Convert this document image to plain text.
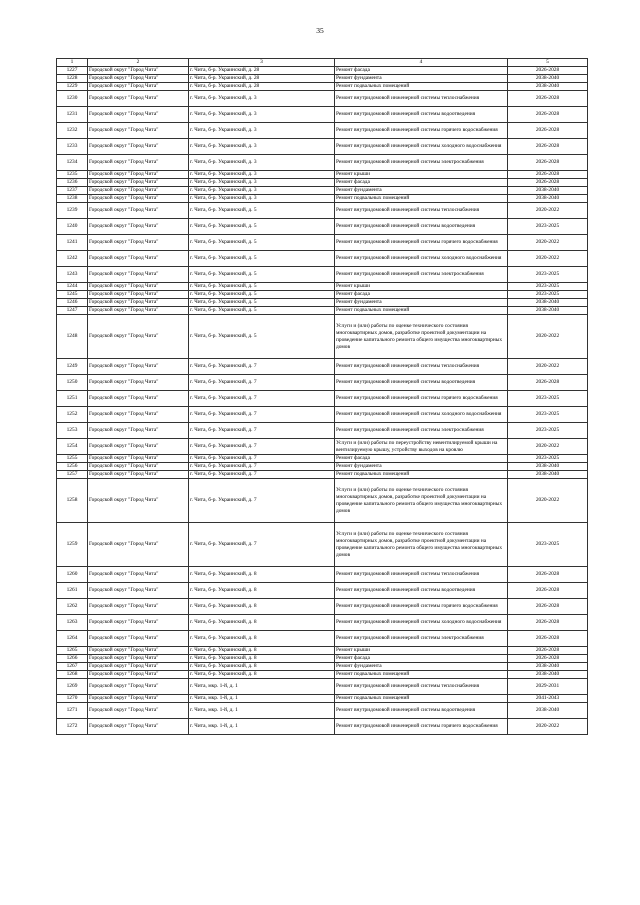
35
1	2	3	4	5
1227	Городской округ "Город Чита"	г. Чита, б-р. Украинский, д. 28	Ремонт фасада	2026-2028
1228	Городской округ "Город Чита"	г. Чита, б-р. Украинский, д. 28	Ремонт фундамента	2038-2040
1229	Городской округ "Город Чита"	г. Чита, б-р. Украинский, д. 28	Ремонт подвальных помещений	2038-2040
1230	Городской округ "Город Чита"	г. Чита, б-р. Украинский, д. 3	Ремонт внутридомовой инженерной системы теплоснабжения	2026-2028
1231	Городской округ "Город Чита"	г. Чита, б-р. Украинский, д. 3	Ремонт внутридомовой инженерной системы водоотведения	2026-2028
1232	Городской округ "Город Чита"	г. Чита, б-р. Украинский, д. 3	Ремонт внутридомовой инженерной системы горячего водоснабжения	2026-2028
1233	Городской округ "Город Чита"	г. Чита, б-р. Украинский, д. 3	Ремонт внутридомовой инженерной системы холодного водоснабжения	2026-2028
1234	Городской округ "Город Чита"	г. Чита, б-р. Украинский, д. 3	Ремонт внутридомовой инженерной системы электроснабжения	2026-2028
1235	Городской округ "Город Чита"	г. Чита, б-р. Украинский, д. 3	Ремонт крыши	2026-2028
1236	Городской округ "Город Чита"	г. Чита, б-р. Украинский, д. 3	Ремонт фасада	2026-2028
1237	Городской округ "Город Чита"	г. Чита, б-р. Украинский, д. 3	Ремонт фундамента	2038-2040
1238	Городской округ "Город Чита"	г. Чита, б-р. Украинский, д. 3	Ремонт подвальных помещений	2038-2040
1239	Городской округ "Город Чита"	г. Чита, б-р. Украинский, д. 5	Ремонт внутридомовой инженерной системы теплоснабжения	2020-2022
1240	Городской округ "Город Чита"	г. Чита, б-р. Украинский, д. 5	Ремонт внутридомовой инженерной системы водоотведения	2023-2025
1241	Городской округ "Город Чита"	г. Чита, б-р. Украинский, д. 5	Ремонт внутридомовой инженерной системы горячего водоснабжения	2020-2022
1242	Городской округ "Город Чита"	г. Чита, б-р. Украинский, д. 5	Ремонт внутридомовой инженерной системы холодного водоснабжения	2020-2022
1243	Городской округ "Город Чита"	г. Чита, б-р. Украинский, д. 5	Ремонт внутридомовой инженерной системы электроснабжения	2023-2025
1244	Городской округ "Город Чита"	г. Чита, б-р. Украинский, д. 5	Ремонт крыши	2023-2025
1245	Городской округ "Город Чита"	г. Чита, б-р. Украинский, д. 5	Ремонт фасада	2023-2025
1246	Городской округ "Город Чита"	г. Чита, б-р. Украинский, д. 5	Ремонт фундамента	2038-2040
1247	Городской округ "Город Чита"	г. Чита, б-р. Украинский, д. 5	Ремонт подвальных помещений	2038-2040
1248	Городской округ "Город Чита"	г. Чита, б-р. Украинский, д. 5	Услуги и (или) работы по оценке технического состояния многоквартирных домов, разработке проектной документации на проведение капитального ремонта общего имущества многоквартирных домов	2020-2022
1249	Городской округ "Город Чита"	г. Чита, б-р. Украинский, д. 7	Ремонт внутридомовой инженерной системы теплоснабжения	2020-2022
1250	Городской округ "Город Чита"	г. Чита, б-р. Украинский, д. 7	Ремонт внутридомовой инженерной системы водоотведения	2026-2028
1251	Городской округ "Город Чита"	г. Чита, б-р. Украинский, д. 7	Ремонт внутридомовой инженерной системы горячего водоснабжения	2023-2025
1252	Городской округ "Город Чита"	г. Чита, б-р. Украинский, д. 7	Ремонт внутридомовой инженерной системы холодного водоснабжения	2023-2025
1253	Городской округ "Город Чита"	г. Чита, б-р. Украинский, д. 7	Ремонт внутридомовой инженерной системы электроснабжения	2023-2025
1254	Городской округ "Город Чита"	г. Чита, б-р. Украинский, д. 7	Услуги и (или) работы по переустройству невентилируемой крыши на вентилируемую крышу, устройству выходов на кровлю	2020-2022
1255	Городской округ "Город Чита"	г. Чита, б-р. Украинский, д. 7	Ремонт фасада	2023-2025
1256	Городской округ "Город Чита"	г. Чита, б-р. Украинский, д. 7	Ремонт фундамента	2038-2040
1257	Городской округ "Город Чита"	г. Чита, б-р. Украинский, д. 7	Ремонт подвальных помещений	2038-2040
1258	Городской округ "Город Чита"	г. Чита, б-р. Украинский, д. 7	Услуги и (или) работы по оценке технического состояния многоквартирных домов, разработке проектной документации на проведение капитального ремонта общего имущества многоквартирных домов	2020-2022
1259	Городской округ "Город Чита"	г. Чита, б-р. Украинский, д. 7	Услуги и (или) работы по оценке технического состояния многоквартирных домов, разработке проектной документации на проведение капитального ремонта общего имущества многоквартирных домов	2023-2025
1260	Городской округ "Город Чита"	г. Чита, б-р. Украинский, д. 8	Ремонт внутридомовой инженерной системы теплоснабжения	2026-2028
1261	Городской округ "Город Чита"	г. Чита, б-р. Украинский, д. 8	Ремонт внутридомовой инженерной системы водоотведения	2026-2028
1262	Городской округ "Город Чита"	г. Чита, б-р. Украинский, д. 8	Ремонт внутридомовой инженерной системы горячего водоснабжения	2026-2028
1263	Городской округ "Город Чита"	г. Чита, б-р. Украинский, д. 8	Ремонт внутридомовой инженерной системы холодного водоснабжения	2026-2028
1264	Городской округ "Город Чита"	г. Чита, б-р. Украинский, д. 8	Ремонт внутридомовой инженерной системы электроснабжения	2026-2028
1265	Городской округ "Город Чита"	г. Чита, б-р. Украинский, д. 8	Ремонт крыши	2026-2028
1266	Городской округ "Город Чита"	г. Чита, б-р. Украинский, д. 8	Ремонт фасада	2026-2028
1267	Городской округ "Город Чита"	г. Чита, б-р. Украинский, д. 8	Ремонт фундамента	2038-2040
1268	Городской округ "Город Чита"	г. Чита, б-р. Украинский, д. 8	Ремонт подвальных помещений	2038-2040
1269	Городской округ "Город Чита"	г. Чита, мкр. 1-й, д. 1	Ремонт внутридомовой инженерной системы теплоснабжения	2029-2031
1270	Городской округ "Город Чита"	г. Чита, мкр. 1-й, д. 1	Ремонт подвальных помещений	2041-2043
1271	Городской округ "Город Чита"	г. Чита, мкр. 1-й, д. 1	Ремонт внутридомовой инженерной системы водоотведения	2038-2040
1272	Городской округ "Город Чита"	г. Чита, мкр. 1-й, д. 1	Ремонт внутридомовой инженерной системы горячего водоснабжения	2020-2022
